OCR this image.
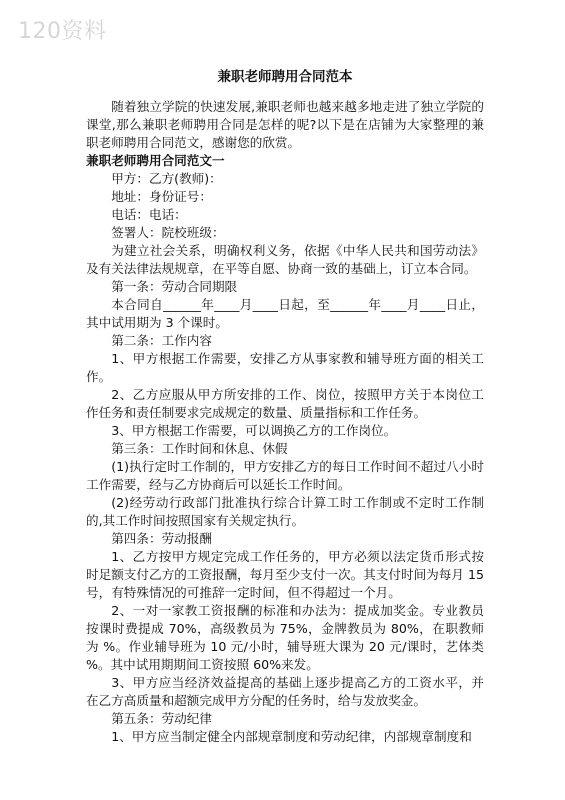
120资料
兼职老师聘用合同范本

随着独立学院的快速发展,兼职老师也越来越多地走进了独立学院的课堂,那么兼职老师聘用合同是怎样的呢?以下是在店铺为大家整理的兼职老师聘用合同范文，感谢您的欣赏。

兼职老师聘用合同范文一

甲方：乙方(教师)：

地址：身份证号：

电话：电话：

签署人：院校班级：

为建立社会关系，明确权利义务，依据《中华人民共和国劳动法》及有关法律法规规章，在平等自愿、协商一致的基础上，订立本合同。

第一条：劳动合同期限

本合同自______年____月____日起，至______年____月____日止，其中试用期为 3 个课时。

第二条：工作内容

1、甲方根据工作需要，安排乙方从事家教和辅导班方面的相关工作。

2、乙方应服从甲方所安排的工作、岗位，按照甲方关于本岗位工作任务和责任制要求完成规定的数量、质量指标和工作任务。

3、甲方根据工作需要，可以调换乙方的工作岗位。

第三条：工作时间和休息、休假

(1)执行定时工作制的，甲方安排乙方的每日工作时间不超过八小时工作需要，经与乙方协商后可以延长工作时间。

(2)经劳动行政部门批准执行综合计算工时工作制或不定时工作制的,其工作时间按照国家有关规定执行。

第四条：劳动报酬

1、乙方按甲方规定完成工作任务的，甲方必须以法定货币形式按时足额支付乙方的工资报酬，每月至少支付一次。其支付时间为每月 15 号，有特殊情况的可推辞一定时间，但不得超过一个月。

2、一对一家教工资报酬的标准和办法为：提成加奖金。专业教员按课时费提成 70%，高级教员为 75%，金牌教员为 80%，在职教师为 %。作业辅导班为 10 元/小时，辅导班大课为 20 元/课时，艺体类 %。其中试用期期间工资按照 60%来发。

3、甲方应当经济效益提高的基础上逐步提高乙方的工资水平，并在乙方高质量和超额完成甲方分配的任务时，给与发放奖金。

第五条：劳动纪律

1、甲方应当制定健全内部规章制度和劳动纪律，内部规章制度和
